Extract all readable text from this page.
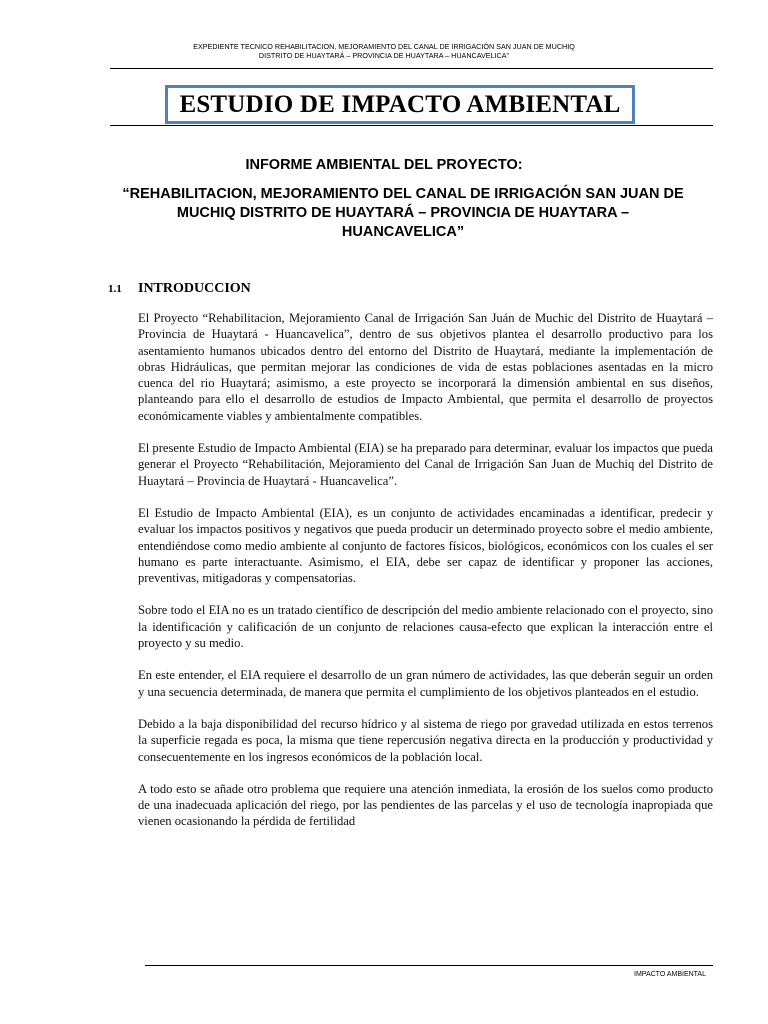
EXPEDIENTE TECNICO REHABILITACION, MEJORAMIENTO DEL CANAL DE IRRIGACIÓN SAN JUAN DE MUCHIQ
DISTRITO DE HUAYTARÁ – PROVINCIA DE HUAYTARA – HUANCAVELICA"
ESTUDIO DE IMPACTO AMBIENTAL
INFORME AMBIENTAL DEL PROYECTO:
“REHABILITACION, MEJORAMIENTO DEL CANAL DE IRRIGACIÓN SAN JUAN DE MUCHIQ DISTRITO DE HUAYTARÁ – PROVINCIA DE HUAYTARA – HUANCAVELICA”
1.1	INTRODUCCION

El Proyecto “Rehabilitacion, Mejoramiento Canal de Irrigación San Juán de Muchic del Distrito de Huaytará – Provincia de Huaytará - Huancavelica”, dentro de sus objetivos plantea el desarrollo productivo para los asentamiento humanos ubicados dentro del entorno del Distrito de Huaytará, mediante la implementación de obras Hidráulicas, que permitan mejorar las condiciones de vida de estas poblaciones asentadas en la micro cuenca del rio Huaytará; asimismo, a este proyecto se incorporará la dimensión ambiental en sus diseños, planteando para ello el desarrollo de estudios de Impacto Ambiental, que permita el desarrollo de proyectos económicamente viables y ambientalmente compatibles.

El presente Estudio de Impacto Ambiental (EIA) se ha preparado para determinar, evaluar los impactos que pueda generar el Proyecto “Rehabilitación, Mejoramiento del Canal de Irrigación San Juan de Muchiq del Distrito de Huaytará – Provincia de Huaytará - Huancavelica”.

El Estudio de Impacto Ambiental (EIA), es un conjunto de actividades encaminadas a identificar, predecir y evaluar los impactos positivos y negativos que pueda producir un determinado proyecto sobre el medio ambiente, entendiéndose como medio ambiente al conjunto de factores físicos, biológicos, económicos con los cuales el ser humano es parte interactuante. Asimismo, el EIA, debe ser capaz de identificar y proponer las acciones, preventivas, mitigadoras y compensatorias.

Sobre todo el EIA no es un tratado científico de descripción del medio ambiente relacionado con el proyecto, sino la identificación y calificación de un conjunto de relaciones causa-efecto que explican la interacción entre el proyecto y su medio.

En este entender, el EIA requiere el desarrollo de un gran número de actividades, las que deberán seguir un orden y una secuencia determinada, de manera que permita el cumplimiento de los objetivos planteados en el estudio.

Debido a la baja disponibilidad del recurso hídrico y al sistema de riego por gravedad utilizada en estos terrenos la superficie regada es poca, la misma que tiene repercusión negativa directa en la producción y productividad y consecuentemente en los ingresos económicos de la población local.

A todo esto se añade otro problema que requiere una atención inmediata, la erosión de los suelos como producto de una inadecuada aplicación del riego, por las pendientes de las parcelas y el uso de tecnología inapropiada que vienen ocasionando la pérdida de fertilidad

IMPACTO AMBIENTAL
